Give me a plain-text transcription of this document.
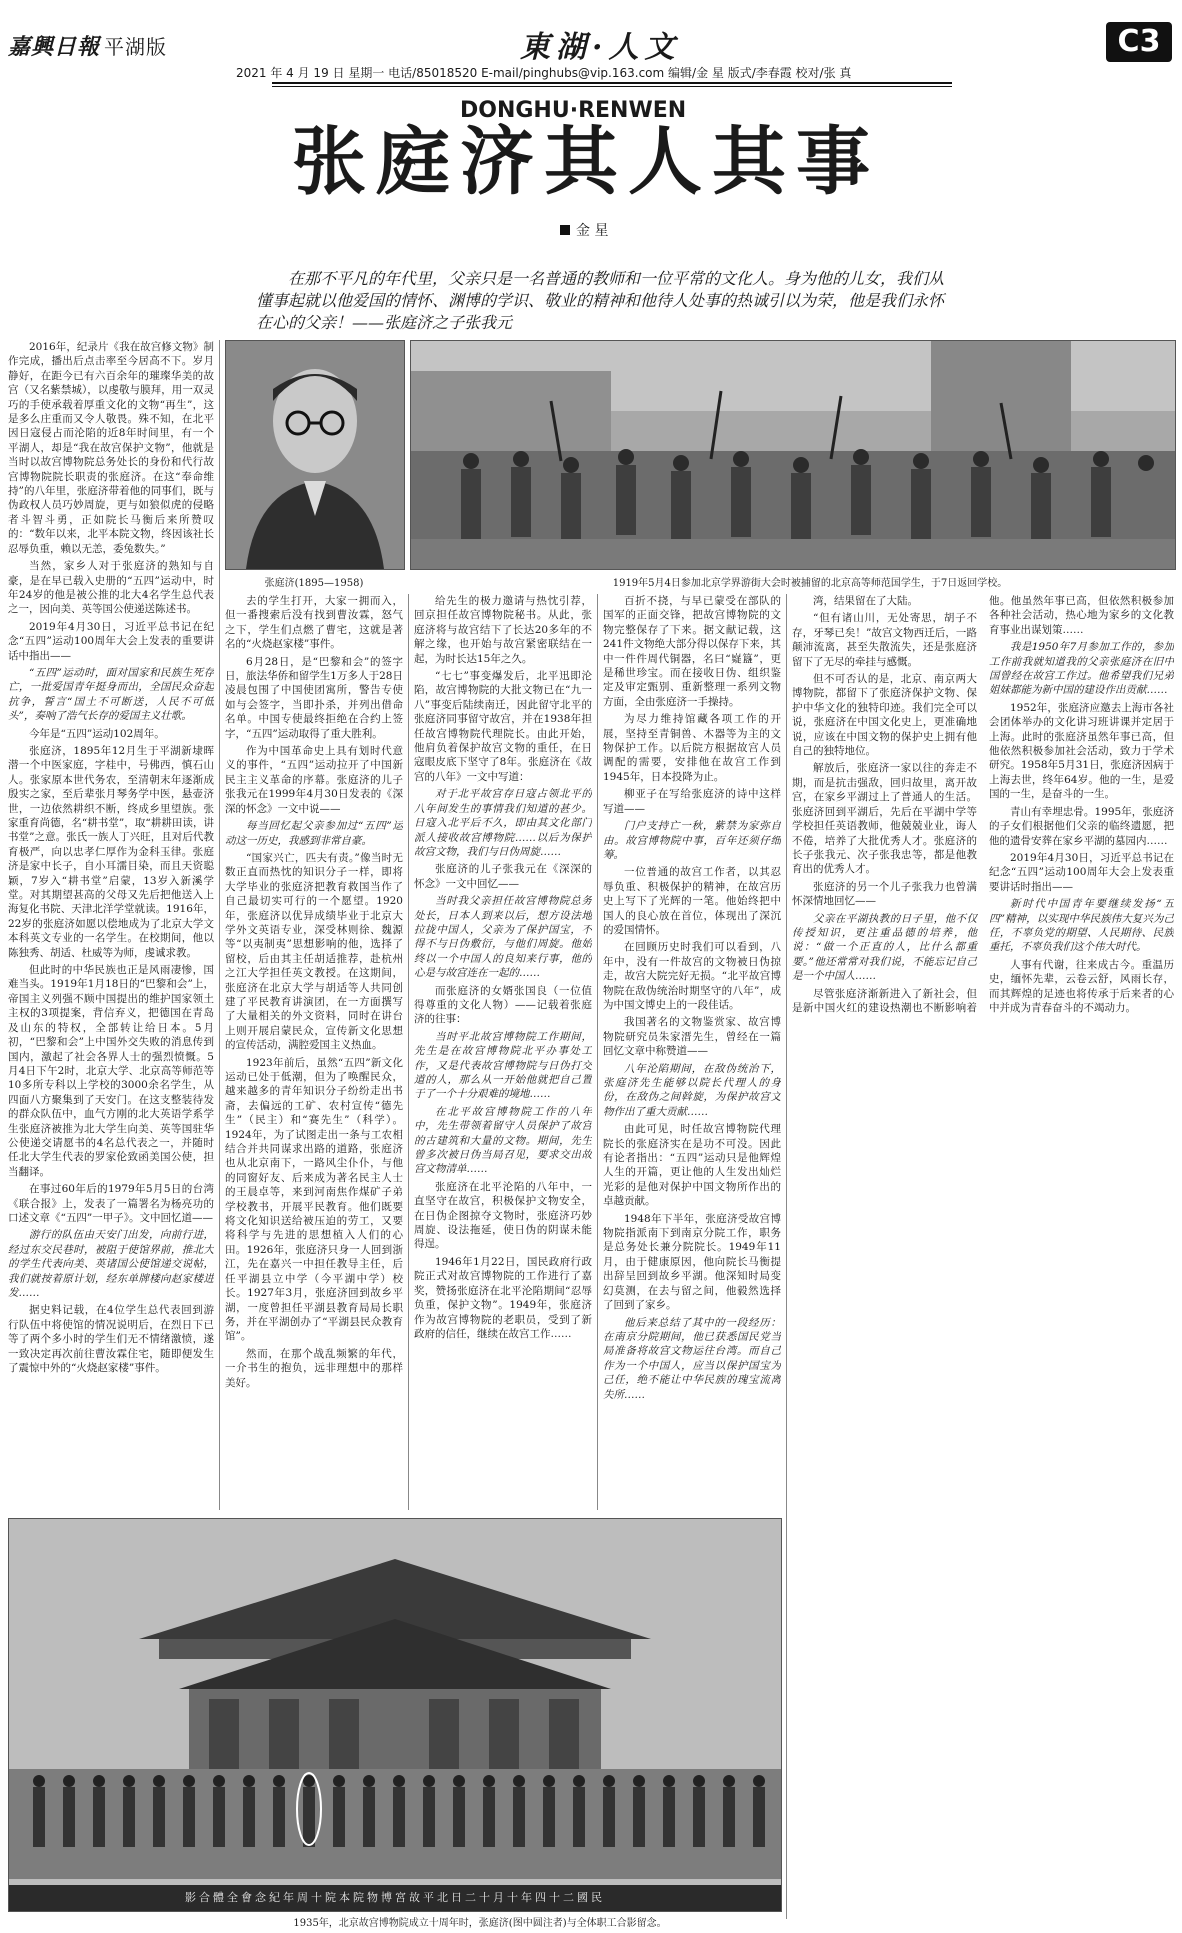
嘉興日報 平湖版	東湖·人文	C3
2021 年 4 月 19 日 星期一 电话/85018520 E-mail/pinghubs@vip.163.com 编辑/金 星 版式/李春霞 校对/张 真
DONGHU·RENWEN
张庭济其人其事
金 星
在那不平凡的年代里，父亲只是一名普通的教师和一位平常的文化人。身为他的儿女，我们从懂事起就以他爱国的情怀、渊博的学识、敬业的精神和他待人处事的热诚引以为荣，他是我们永怀在心的父亲！——张庭济之子张我元

2016年，纪录片《我在故宫修文物》制作完成，播出后点击率至今居高不下。岁月静好，在距今已有六百余年的璀璨华美的故宫（又名紫禁城），以虔敬与膜拜，用一双灵巧的手使承载着厚重文化的文物“再生”，这是多么庄重而又令人敬畏。殊不知，在北平因日寇侵占而沦陷的近8年时间里，有一个平湖人，却是“我在故宫保护文物”，他就是当时以故宫博物院总务处长的身份和代行故宫博物院院长职责的张庭济。在这“奉命维持”的八年里，张庭济带着他的同事们，既与伪政权人员巧妙周旋，更与如狼似虎的侵略者斗智斗勇，正如院长马衡后来所赞叹的：“数年以来，北平本院文物，终因该社长忍辱负重，赖以无恙，委兔数失。”

当然，家乡人对于张庭济的熟知与自豪，是在早已载入史册的“五四”运动中，时年24岁的他是被公推的北大4名学生总代表之一，因向美、英等国公使递送陈述书。

2019年4月30日，习近平总书记在纪念“五四”运动100周年大会上发表的重要讲话中指出——

“五四”运动时，面对国家和民族生死存亡，一批爱国青年挺身而出，全国民众奋起抗争，誓言“国土不可断送，人民不可低头”，奏响了浩气长存的爱国主义壮歌。

今年是“五四”运动102周年。

张庭济，1895年12月生于平湖新埭晖潜一个中医家庭，字桂中，号佛西，慎石山人。张家原本世代务农，至清朝末年逐渐成殷实之家，至后辈张月琴务学中医，悬壶济世，一边依然耕织不断，终成乡里望族。张家重育尚德，名“耕书堂”，取“耕耕田读，讲书堂”之意。张氏一族人丁兴旺，且对后代教育极严，向以忠孝仁厚作为金科玉律。张庭济是家中长子，自小耳濡目染，而且天资聪颖，7岁入“耕书堂”启蒙，13岁入新溪学堂。对其期望甚高的父母又先后把他送入上海复化书院、天津北洋学堂就读。1916年，22岁的张庭济如愿以偿地成为了北京大学文本科英文专业的一名学生。在校期间，他以陈独秀、胡适、杜威等为师，虔诚求教。

但此时的中华民族也正是风雨凄惨，国难当头。1919年1月18日的“巴黎和会”上，帝国主义列强不顾中国提出的维护国家领土主权的3项提案，背信弃义，把德国在青岛及山东的特权，全部转让给日本。5月初，“巴黎和会”上中国外交失败的消息传到国内，激起了社会各界人士的强烈愤慨。5月4日下午2时，北京大学、北京高等师范等10多所专科以上学校的3000余名学生，从四面八方聚集到了天安门。在这支整装待发的群众队伍中，血气方刚的北大英语学系学生张庭济被推为北大学生向美、英等国驻华公使递交请愿书的4名总代表之一，并随时任北大学生代表的罗家伦致函美国公使，担当翻译。

在事过60年后的1979年5月5日的台湾《联合报》上，发表了一篇署名为杨亮功的口述文章《“五四”一甲子》。文中回忆道——

游行的队伍由天安门出发，向前行进，经过东交民巷时，被阻于使馆界前，推北大的学生代表向美、英诸国公使馆递交说帖，我们就按着原计划，经东单牌楼向赵家楼进发……

据史料记载，在4位学生总代表回到游行队伍中将使馆的情况说明后，在烈日下已等了两个多小时的学生们无不情绪激愤，遂一致决定再次前往曹汝霖住宅，随即便发生了震惊中外的“火烧赵家楼”事件。

张庭济(1895—1958)	1919年5月4日参加北京学界游街大会时被捕留的北京高等师范国学生，于7日返回学校。

去的学生打开，大家一拥而入，但一番搜索后没有找到曹汝霖，怒气之下，学生们点燃了曹宅，这就是著名的“火烧赵家楼”事件。

6月28日，是“巴黎和会”的签字日，旅法华侨和留学生1万多人于28日凌晨包围了中国使团寓所，警告专使如与会签字，当即扑杀，并列出借命名单。中国专使最终拒绝在合约上签字，“五四”运动取得了重大胜利。

作为中国革命史上具有划时代意义的事件，“五四”运动拉开了中国新民主主义革命的序幕。张庭济的儿子张我元在1999年4月30日发表的《深深的怀念》一文中说——

每当回忆起父亲参加过“五四”运动这一历史，我感到非常自豪。

“国家兴亡，匹夫有责。”像当时无数正直而热忱的知识分子一样，即将大学毕业的张庭济把教育救国当作了自己最切实可行的一个愿望。1920年，张庭济以优异成绩毕业于北京大学外文英语专业，深受林则徐、魏源等“以夷制夷”思想影响的他，选择了留校，后由其主任胡适推荐，赴杭州之江大学担任英文教授。在这期间，张庭济在北京大学与胡适等人共同创建了平民教育讲演团，在一方面撰写了大量相关的外文资料，同时在讲台上则开展启蒙民众，宣传新文化思想的宣传活动，满腔爱国主义热血。

1923年前后，虽然“五四”新文化运动已处于低潮，但为了唤醒民众，越来越多的青年知识分子纷纷走出书斋，去偏远的工矿、农村宣传“德先生”（民主）和“赛先生”（科学）。1924年，为了试图走出一条与工农相结合并共同谋求出路的道路，张庭济也从北京南下，一路风尘仆仆，与他的同窗好友、后来成为著名民主人士的王晨卓等，来到河南焦作煤矿子弟学校教书，开展平民教育。他们既要将文化知识送给被压迫的劳工，又要将科学与先进的思想植入人们的心田。1926年，张庭济只身一人回到浙江，先在嘉兴一中担任教导主任，后任平湖县立中学（今平湖中学）校长。1927年3月，张庭济回到故乡平湖，一度曾担任平湖县教育局局长职务，并在平湖创办了“平湖县民众教育馆”。

然而，在那个战乱频繁的年代，一介书生的抱负，远非理想中的那样美好。

给先生的极力邀请与热忱引荐，回京担任故宫博物院秘书。从此，张庭济将与故宫结下了长达20多年的不解之缘，也开始与故宫紧密联结在一起，为时长达15年之久。

“七七”事变爆发后，北平迅即沦陷，故宫博物院的大批文物已在“九一八”事变后陆续南迁，因此留守北平的张庭济同事留守故宫，并在1938年担任故宫博物院代理院长。由此开始，他肩负着保护故宫文物的重任，在日寇眼皮底下坚守了8年。张庭济在《故宫的八年》一文中写道：

对于北平故宫存日寇占领北平的八年间发生的事情我们知道的甚少。日寇入北平后不久，即由其文化部门派人接收故宫博物院……以后为保护故宫文物，我们与日伪周旋……

张庭济的儿子张我元在《深深的怀念》一文中回忆——

当时我父亲担任故宫博物院总务处长，日本人到来以后，想方设法地拉拢中国人，父亲为了保护国宝，不得不与日伪敷衍，与他们周旋。他始终以一个中国人的良知来行事，他的心是与故宫连在一起的……

而张庭济的女婿张国良（一位值得尊重的文化人物）——记载着张庭济的往事：

当时平北故宫博物院工作期间，先生是在故宫博物院北平办事处工作，又是代表故宫博物院与日伪打交道的人，那么从一开始他就把自己置于了一个十分艰难的境地……

在北平故宫博物院工作的八年中，先生带领着留守人员保护了故宫的古建筑和大量的文物。期间，先生曾多次被日伪当局召见，要求交出故宫文物清单……

张庭济在北平沦陷的八年中，一直坚守在故宫，积极保护文物安全，在日伪企图掠夺文物时，张庭济巧妙周旋、设法拖延，使日伪的阴谋未能得逞。

1946年1月22日，国民政府行政院正式对故宫博物院的工作进行了嘉奖，赞扬张庭济在北平沦陷期间“忍辱负重，保护文物”。1949年，张庭济作为故宫博物院的老职员，受到了新政府的信任，继续在故宫工作……

百折不挠，与早已蒙受在部队的国军的正面交锋，把故宫博物院的文物完整保存了下来。据文献记载，这241件文物绝大部分得以保存下来，其中一件件周代铜器，名曰“嶷簋”，更是稀世珍宝。而在接收日伪、组织鉴定及审定甄别、重新整理一系列文物方面，全由张庭济一手操持。

为尽力维持馆藏各项工作的开展，坚持至青铜兽、木器等为主的文物保护工作。以后院方根据故宫人员调配的需要，安排他在故宫工作到1945年，日本投降为止。

柳亚子在写给张庭济的诗中这样写道——

门户支持亡一秋，紫禁为家弥自由。故宫博物院中事，百年还须仔细筹。

一位普通的故宫工作者，以其忍辱负重、积极保护的精神，在故宫历史上写下了光辉的一笔。他始终把中国人的良心放在首位，体现出了深沉的爱国情怀。

在回顾历史时我们可以看到，八年中，没有一件故宫的文物被日伪掠走，故宫大院完好无损。“北平故宫博物院在敌伪统治时期坚守的八年”，成为中国文博史上的一段佳话。

我国著名的文物鉴赏家、故宫博物院研究员朱家溍先生，曾经在一篇回忆文章中称赞道——

八年沦陷期间，在敌伪统治下，张庭济先生能够以院长代理人的身份，在敌伪之间斡旋，为保护故宫文物作出了重大贡献……

由此可见，时任故宫博物院代理院长的张庭济实在是功不可没。因此有论者指出：“五四”运动只是他辉煌人生的开篇，更让他的人生发出灿烂光彩的是他对保护中国文物所作出的卓越贡献。

1948年下半年，张庭济受故宫博物院指派南下到南京分院工作，职务是总务处长兼分院院长。1949年11月，由于健康原因，他向院长马衡提出辞呈回到故乡平湖。他深知时局变幻莫测，在去与留之间，他毅然选择了回到了家乡。

他后来总结了其中的一段经历：在南京分院期间，他已获悉国民党当局准备将故宫文物运往台湾。而自己作为一个中国人，应当以保护国宝为己任，绝不能让中华民族的瑰宝流离失所……

湾，结果留在了大陆。

“但有诸山川，无处寄思，胡子不存，牙琴已矣！”故宫文物西迁后，一路颠沛流离，甚至失散流失，还是张庭济留下了无尽的牵挂与感慨。

但不可否认的是，北京、南京两大博物院，都留下了张庭济保护文物、保护中华文化的独特印迹。我们完全可以说，张庭济在中国文化史上，更准确地说，应该在中国文物的保护史上拥有他自己的独特地位。

解放后，张庭济一家以往的奔走不期，而是抗击强敌，回归故里，离开故宫，在家乡平湖过上了普通人的生活。张庭济回到平湖后，先后在平湖中学等学校担任英语教师，他兢兢业业，诲人不倦，培养了大批优秀人才。张庭济的长子张我元、次子张我忠等，都是他教育出的优秀人才。

张庭济的另一个儿子张我力也曾满怀深情地回忆——

父亲在平湖执教的日子里，他不仅传授知识，更注重品德的培养，他说：“做一个正直的人，比什么都重要。”他还常常对我们说，不能忘记自己是一个中国人……

尽管张庭济渐新进入了新社会，但是新中国火红的建设热潮也不断影响着他。他虽然年事已高，但依然积极参加各种社会活动，热心地为家乡的文化教育事业出谋划策……

我是1950年7月参加工作的，参加工作前我就知道我的父亲张庭济在旧中国曾经在故宫工作过。他希望我们兄弟姐妹都能为新中国的建设作出贡献……

1952年，张庭济应邀去上海市各社会团体举办的文化讲习班讲课并定居于上海。此时的张庭济虽然年事已高，但他依然积极参加社会活动，致力于学术研究。1958年5月31日，张庭济因病于上海去世，终年64岁。他的一生，是爱国的一生，是奋斗的一生。

青山有幸埋忠骨。1995年，张庭济的子女们根据他们父亲的临终遗愿，把他的遗骨安葬在家乡平湖的墓园内……

2019年4月30日，习近平总书记在纪念“五四”运动100周年大会上发表重要讲话时指出——

新时代中国青年要继续发扬“五四”精神，以实现中华民族伟大复兴为己任，不辜负党的期望、人民期待、民族重托，不辜负我们这个伟大时代。

人事有代谢，往来成古今。重温历史，缅怀先辈，云卷云舒，风雨长存，而其辉煌的足迹也将传承于后来者的心中并成为青春奋斗的不竭动力。

影合體全會念紀年周十院本院物博宮故平北日二十月十年四十二國民
1935年，北京故宫博物院成立十周年时，张庭济(图中圆注者)与全体职工合影留念。
